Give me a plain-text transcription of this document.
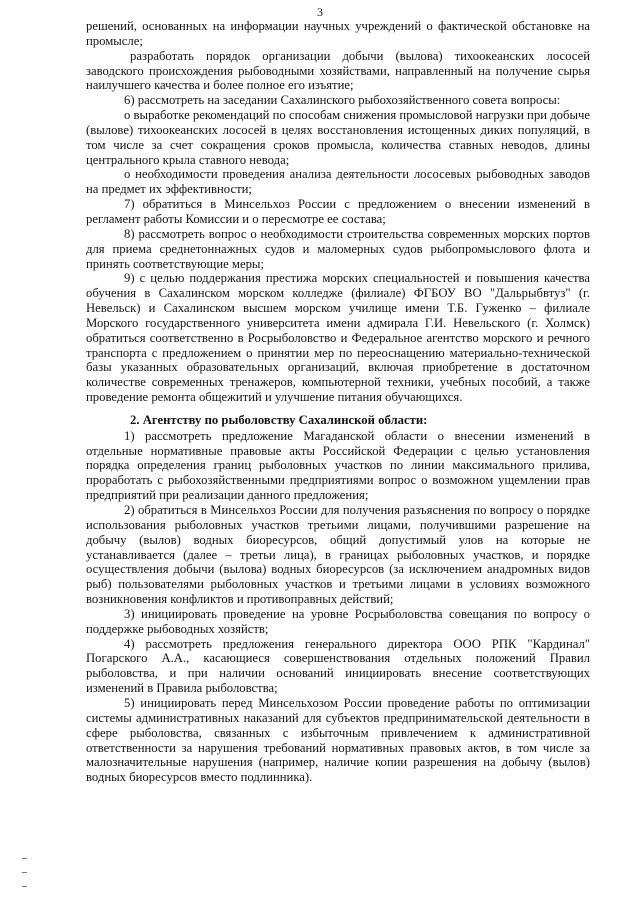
3

решений, основанных на информации научных учреждений о фактической обстановке на промысле;

разработать порядок организации добычи (вылова) тихоокеанских лососей заводского происхождения рыбоводными хозяйствами, направленный на получение сырья наилучшего качества и более полное его изъятие;

6) рассмотреть на заседании Сахалинского рыбохозяйственного совета вопросы:

о выработке рекомендаций по способам снижения промысловой нагрузки при добыче (вылове) тихоокеанских лососей в целях восстановления истощенных диких популяций, в том числе за счет сокращения сроков промысла, количества ставных неводов, длины центрального крыла ставного невода;

о необходимости проведения анализа деятельности лососевых рыбоводных заводов на предмет их эффективности;

7) обратиться в Минсельхоз России с предложением о внесении изменений в регламент работы Комиссии и о пересмотре ее состава;

8) рассмотреть вопрос о необходимости строительства современных морских портов для приема среднетоннажных судов и маломерных судов рыбопромыслового флота и принять соответствующие меры;

9) с целью поддержания престижа морских специальностей и повышения качества обучения в Сахалинском морском колледже (филиале) ФГБОУ ВО "Дальрыбвтуз" (г. Невельск) и Сахалинском высшем морском училище имени Т.Б. Гуженко – филиале Морского государственного университета имени адмирала Г.И. Невельского (г. Холмск) обратиться соответственно в Росрыболовство и Федеральное агентство морского и речного транспорта с предложением о принятии мер по переоснащению материально-технической базы указанных образовательных организаций, включая приобретение в достаточном количестве современных тренажеров, компьютерной техники, учебных пособий, а также проведение ремонта общежитий и улучшение питания обучающихся.

2. Агентству по рыболовству Сахалинской области:

1) рассмотреть предложение Магаданской области о внесении изменений в отдельные нормативные правовые акты Российской Федерации с целью установления порядка определения границ рыболовных участков по линии максимального прилива, проработать с рыбохозяйственными предприятиями вопрос о возможном ущемлении прав предприятий при реализации данного предложения;

2) обратиться в Минсельхоз России для получения разъяснения по вопросу о порядке использования рыболовных участков третьими лицами, получившими разрешение на добычу (вылов) водных биоресурсов, общий допустимый улов на которые не устанавливается (далее – третьи лица), в границах рыболовных участков, и порядке осуществления добычи (вылова) водных биоресурсов (за исключением анадромных видов рыб) пользователями рыболовных участков и третьими лицами в условиях возможного возникновения конфликтов и противоправных действий;

3) инициировать проведение на уровне Росрыболовства совещания по вопросу о поддержке рыбоводных хозяйств;

4) рассмотреть предложения генерального директора ООО РПК "Кардинал" Погарского А.А., касающиеся совершенствования отдельных положений Правил рыболовства, и при наличии оснований инициировать внесение соответствующих изменений в Правила рыболовства;

5) инициировать перед Минсельхозом России проведение работы по оптимизации системы административных наказаний для субъектов предпринимательской деятельности в сфере рыболовства, связанных с избыточным привлечением к административной ответственности за нарушения требований нормативных правовых актов, в том числе за малозначительные нарушения (например, наличие копии разрешения на добычу (вылов) водных биоресурсов вместо подлинника).
